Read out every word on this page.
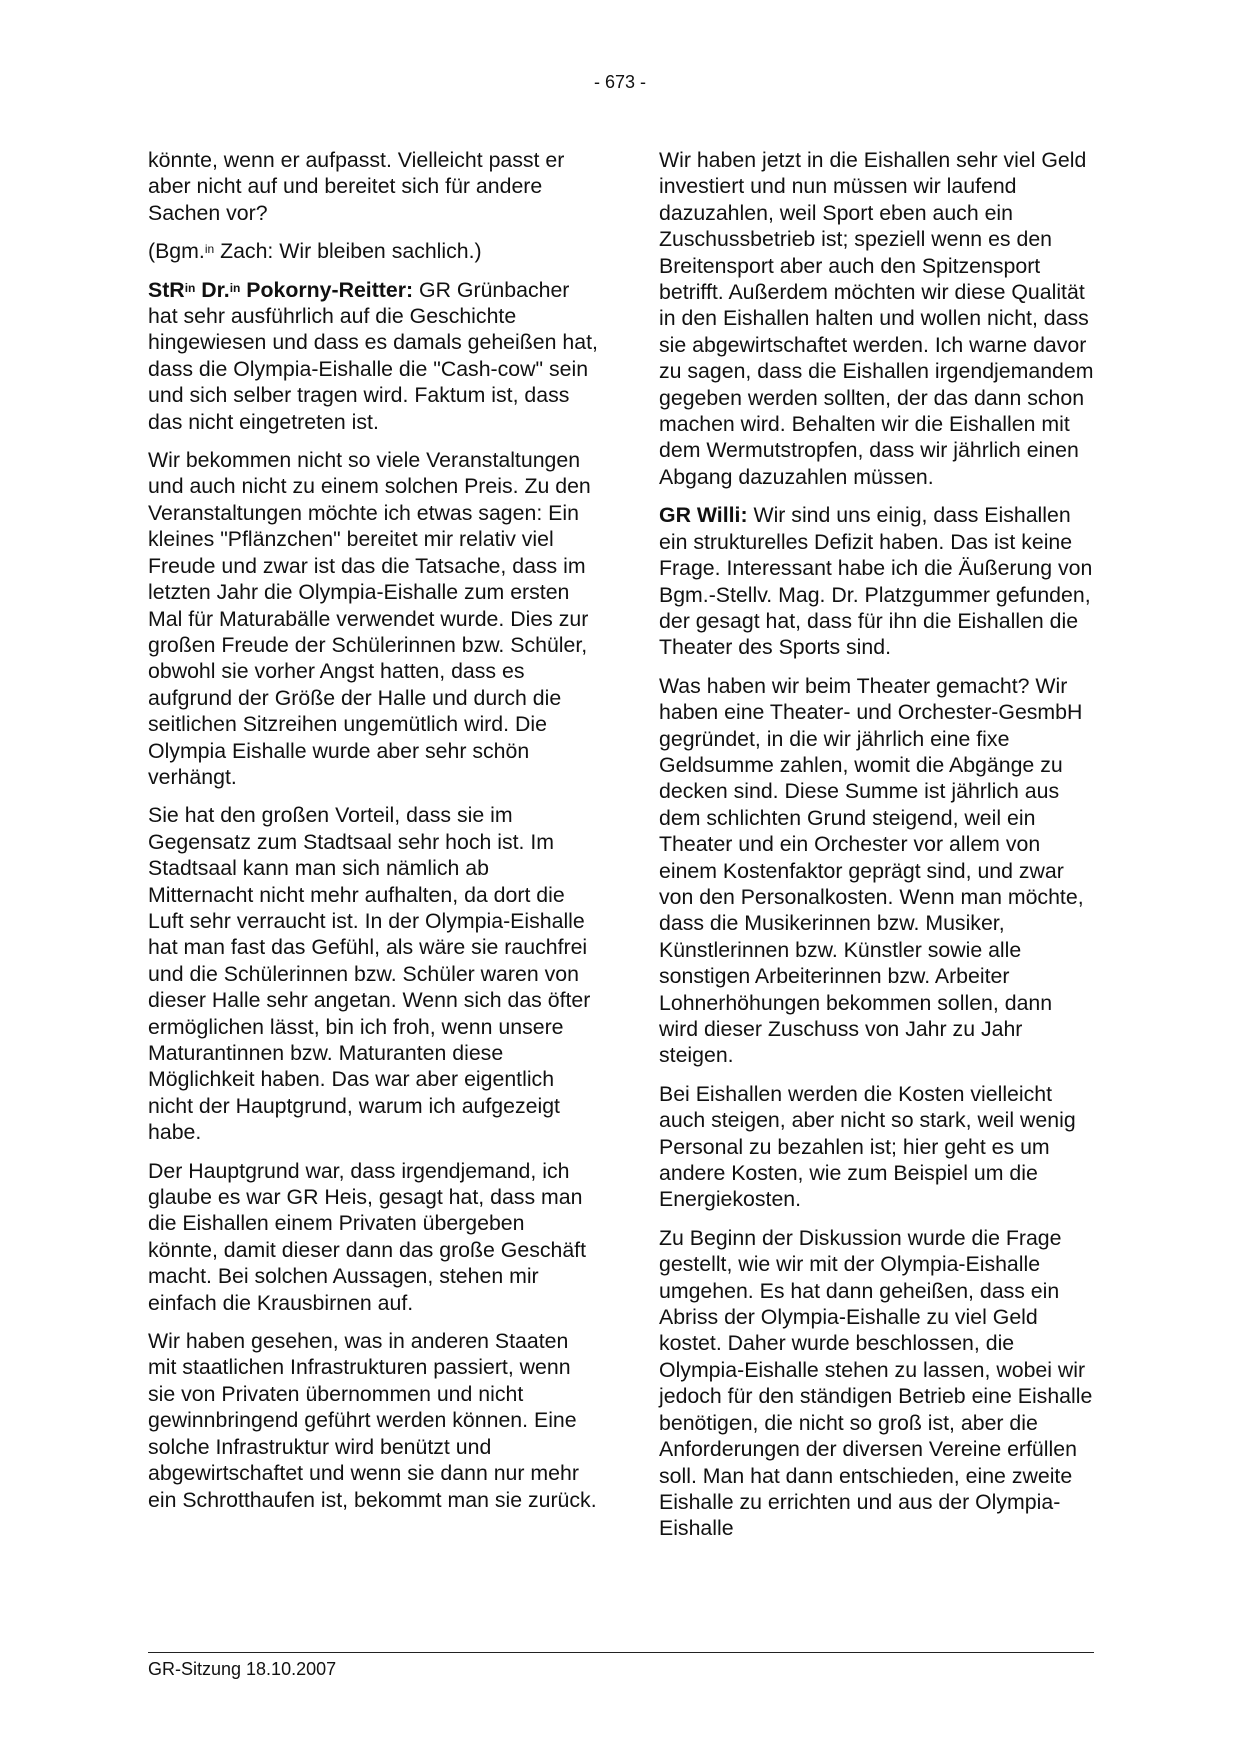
- 673 -

könnte, wenn er aufpasst. Vielleicht passt er aber nicht auf und bereitet sich für andere Sachen vor?

(Bgm.$^{in}$ Zach: Wir bleiben sachlich.)

StR$^{in}$ Dr.$^{in}$ Pokorny-Reitter: GR Grünbacher hat sehr ausführlich auf die Geschichte hingewiesen und dass es damals geheißen hat, dass die Olympia-Eishalle die "Cash-cow" sein und sich selber tragen wird. Faktum ist, dass das nicht eingetreten ist.

Wir bekommen nicht so viele Veranstaltungen und auch nicht zu einem solchen Preis. Zu den Veranstaltungen möchte ich etwas sagen: Ein kleines "Pflänzchen" bereitet mir relativ viel Freude und zwar ist das die Tatsache, dass im letzten Jahr die Olympia-Eishalle zum ersten Mal für Maturabälle verwendet wurde. Dies zur großen Freude der Schülerinnen bzw. Schüler, obwohl sie vorher Angst hatten, dass es aufgrund der Größe der Halle und durch die seitlichen Sitzreihen ungemütlich wird. Die Olympia Eishalle wurde aber sehr schön verhängt.

Sie hat den großen Vorteil, dass sie im Gegensatz zum Stadtsaal sehr hoch ist. Im Stadtsaal kann man sich nämlich ab Mitternacht nicht mehr aufhalten, da dort die Luft sehr verraucht ist. In der Olympia-Eishalle hat man fast das Gefühl, als wäre sie rauchfrei und die Schülerinnen bzw. Schüler waren von dieser Halle sehr angetan. Wenn sich das öfter ermöglichen lässt, bin ich froh, wenn unsere Maturantinnen bzw. Maturanten diese Möglichkeit haben. Das war aber eigentlich nicht der Hauptgrund, warum ich aufgezeigt habe.

Der Hauptgrund war, dass irgendjemand, ich glaube es war GR Heis, gesagt hat, dass man die Eishallen einem Privaten übergeben könnte, damit dieser dann das große Geschäft macht. Bei solchen Aussagen, stehen mir einfach die Krausbirnen auf.

Wir haben gesehen, was in anderen Staaten mit staatlichen Infrastrukturen passiert, wenn sie von Privaten übernommen und nicht gewinnbringend geführt werden können. Eine solche Infrastruktur wird benützt und abgewirtschaftet und wenn sie dann nur mehr ein Schrotthaufen ist, bekommt man sie zurück.

Wir haben jetzt in die Eishallen sehr viel Geld investiert und nun müssen wir laufend dazuzahlen, weil Sport eben auch ein Zuschussbetrieb ist; speziell wenn es den Breitensport aber auch den Spitzensport betrifft. Außerdem möchten wir diese Qualität in den Eishallen halten und wollen nicht, dass sie abgewirtschaftet werden. Ich warne davor zu sagen, dass die Eishallen irgendjemandem gegeben werden sollten, der das dann schon machen wird. Behalten wir die Eishallen mit dem Wermutstropfen, dass wir jährlich einen Abgang dazuzahlen müssen.

GR Willi: Wir sind uns einig, dass Eishallen ein strukturelles Defizit haben. Das ist keine Frage. Interessant habe ich die Äußerung von Bgm.-Stellv. Mag. Dr. Platzgummer gefunden, der gesagt hat, dass für ihn die Eishallen die Theater des Sports sind.

Was haben wir beim Theater gemacht? Wir haben eine Theater- und Orchester-GesmbH gegründet, in die wir jährlich eine fixe Geldsumme zahlen, womit die Abgänge zu decken sind. Diese Summe ist jährlich aus dem schlichten Grund steigend, weil ein Theater und ein Orchester vor allem von einem Kostenfaktor geprägt sind, und zwar von den Personalkosten. Wenn man möchte, dass die Musikerinnen bzw. Musiker, Künstlerinnen bzw. Künstler sowie alle sonstigen Arbeiterinnen bzw. Arbeiter Lohnerhöhungen bekommen sollen, dann wird dieser Zuschuss von Jahr zu Jahr steigen.

Bei Eishallen werden die Kosten vielleicht auch steigen, aber nicht so stark, weil wenig Personal zu bezahlen ist; hier geht es um andere Kosten, wie zum Beispiel um die Energiekosten.

Zu Beginn der Diskussion wurde die Frage gestellt, wie wir mit der Olympia-Eishalle umgehen. Es hat dann geheißen, dass ein Abriss der Olympia-Eishalle zu viel Geld kostet. Daher wurde beschlossen, die Olympia-Eishalle stehen zu lassen, wobei wir jedoch für den ständigen Betrieb eine Eishalle benötigen, die nicht so groß ist, aber die Anforderungen der diversen Vereine erfüllen soll. Man hat dann entschieden, eine zweite Eishalle zu errichten und aus der Olympia-Eishalle

GR-Sitzung 18.10.2007
